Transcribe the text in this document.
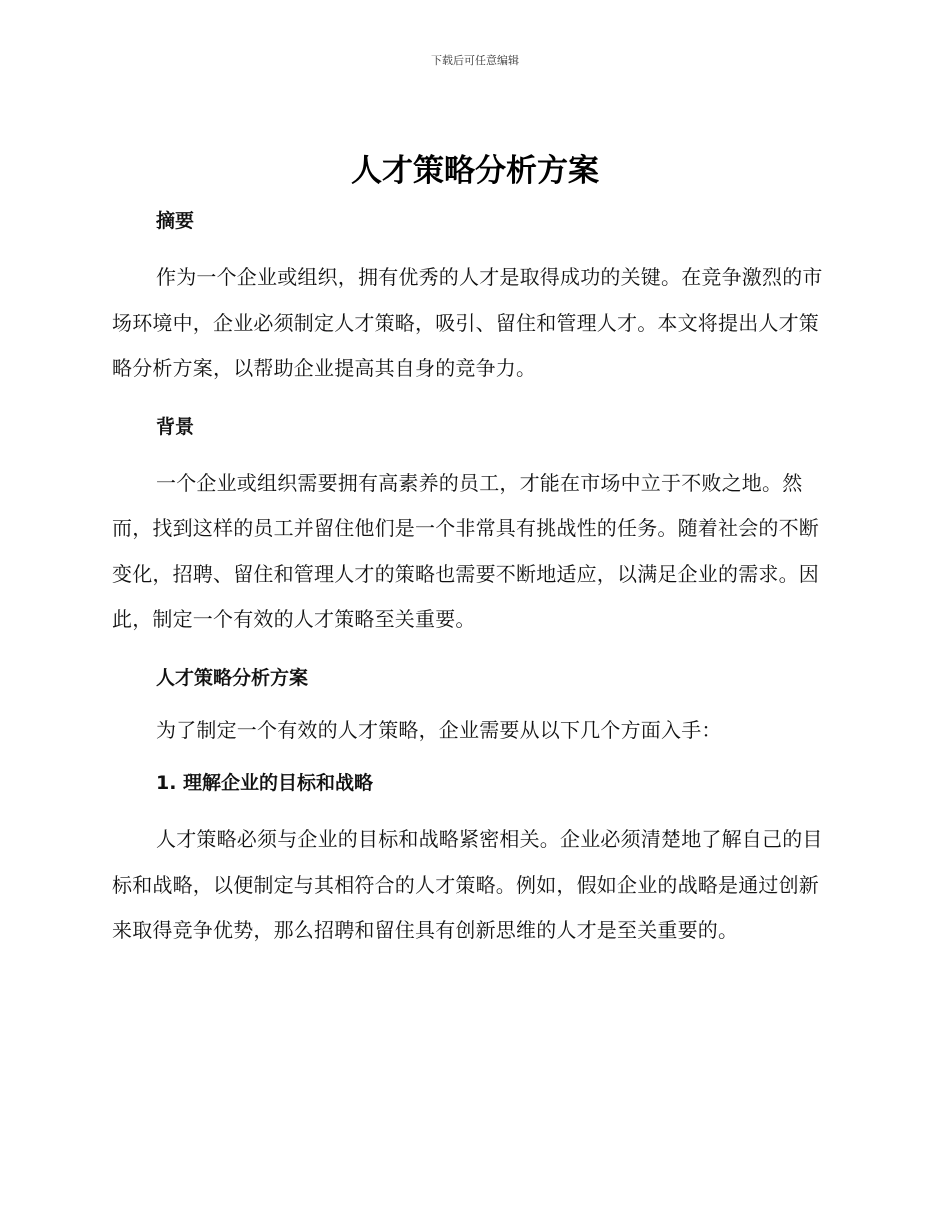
下载后可任意编辑
人才策略分析方案
摘要

作为一个企业或组织，拥有优秀的人才是取得成功的关键。在竞争激烈的市场环境中，企业必须制定人才策略，吸引、留住和管理人才。本文将提出人才策略分析方案，以帮助企业提高其自身的竞争力。

背景

一个企业或组织需要拥有高素养的员工，才能在市场中立于不败之地。然而，找到这样的员工并留住他们是一个非常具有挑战性的任务。随着社会的不断变化，招聘、留住和管理人才的策略也需要不断地适应，以满足企业的需求。因此，制定一个有效的人才策略至关重要。

人才策略分析方案

为了制定一个有效的人才策略，企业需要从以下几个方面入手：

1. 理解企业的目标和战略

人才策略必须与企业的目标和战略紧密相关。企业必须清楚地了解自己的目标和战略，以便制定与其相符合的人才策略。例如，假如企业的战略是通过创新来取得竞争优势，那么招聘和留住具有创新思维的人才是至关重要的。
